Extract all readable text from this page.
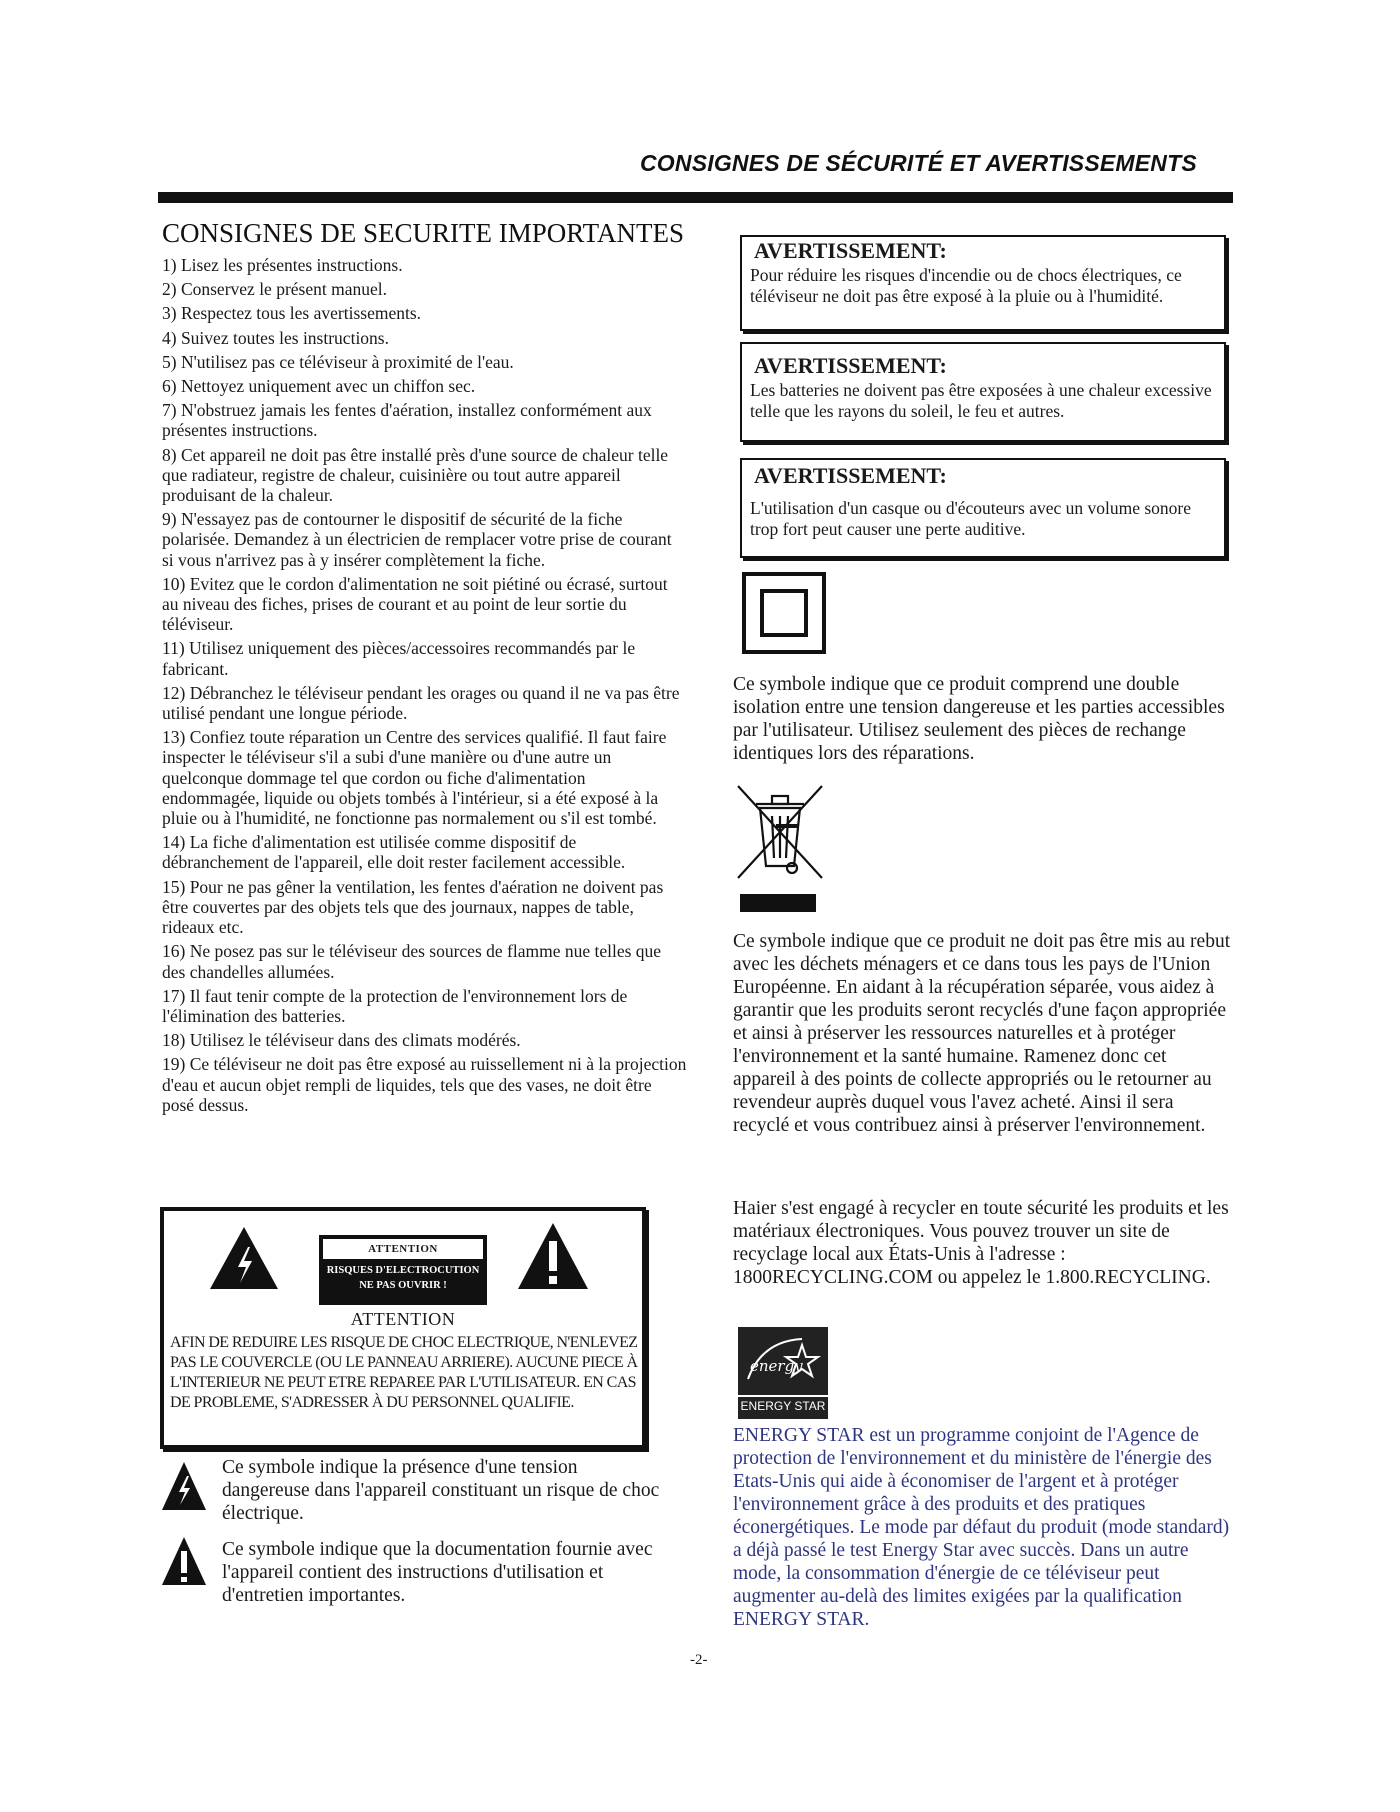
CONSIGNES DE SÉCURITÉ ET AVERTISSEMENTS
CONSIGNES DE SECURITE IMPORTANTES
1) Lisez les présentes instructions.
2) Conservez le présent manuel.
3) Respectez tous les avertissements.
4) Suivez toutes les instructions.
5) N'utilisez pas ce téléviseur à proximité de l'eau.
6) Nettoyez uniquement avec un chiffon sec.
7) N'obstruez jamais les fentes d'aération, installez conformément aux présentes instructions.
8) Cet appareil ne doit pas être installé près d'une source de chaleur telle que radiateur, registre de chaleur, cuisinière ou tout autre appareil produisant de la chaleur.
9) N'essayez pas de contourner le dispositif de sécurité de la fiche polarisée. Demandez à un électricien de remplacer votre prise de courant si vous n'arrivez pas à y insérer complètement la fiche.
10) Evitez que le cordon d'alimentation ne soit piétiné ou écrasé, surtout au niveau des fiches, prises de courant et au point de leur sortie du téléviseur.
11) Utilisez uniquement des pièces/accessoires recommandés par le fabricant.
12) Débranchez le téléviseur pendant les orages ou quand il ne va pas être utilisé pendant une longue période.
13) Confiez toute réparation un Centre des services qualifié. Il faut faire inspecter le téléviseur s'il a subi d'une manière ou d'une autre un quelconque dommage tel que cordon ou fiche d'alimentation endommagée, liquide ou objets tombés à l'intérieur, si a été exposé à la pluie ou à l'humidité, ne fonctionne pas normalement ou s'il est tombé.
14) La fiche d'alimentation est utilisée comme dispositif de débranchement de l'appareil, elle doit rester facilement accessible.
15) Pour ne pas gêner la ventilation, les fentes d'aération ne doivent pas être couvertes par des objets tels que des journaux, nappes de table, rideaux etc.
16) Ne posez pas sur le téléviseur des sources de flamme nue telles que des chandelles allumées.
17) Il faut tenir compte de la protection de l'environnement lors de l'élimination des batteries.
18) Utilisez le téléviseur dans des climats modérés.
19) Ce téléviseur ne doit pas être exposé au ruissellement ni à la projection d'eau et aucun objet rempli de liquides, tels que des vases, ne doit être posé dessus.
ATTENTION
RISQUES D'ELECTROCUTION
NE PAS OUVRIR !
ATTENTION
AFIN DE REDUIRE LES RISQUE DE CHOC ELECTRIQUE, N'ENLEVEZ PAS LE COUVERCLE (OU LE PANNEAU ARRIERE). AUCUNE PIECE À L'INTERIEUR NE PEUT ETRE REPAREE PAR L'UTILISATEUR. EN CAS DE PROBLEME, S'ADRESSER À DU PERSONNEL QUALIFIE.
Ce symbole indique la présence d'une tension dangereuse dans l'appareil constituant un risque de choc électrique.
Ce symbole indique que la documentation fournie avec l'appareil contient des instructions d'utilisation et d'entretien importantes.
AVERTISSEMENT:
Pour réduire les risques d'incendie ou de chocs électriques, ce téléviseur ne doit pas être exposé à la pluie ou à l'humidité.
AVERTISSEMENT:
Les batteries ne doivent pas être exposées à une chaleur excessive telle que les rayons du soleil, le feu et autres.
AVERTISSEMENT:
L'utilisation d'un casque ou d'écouteurs avec un volume sonore trop fort peut causer une perte auditive.
Ce symbole indique que ce produit comprend une double isolation entre une tension dangereuse et les parties accessibles par l'utilisateur. Utilisez seulement des pièces de rechange identiques lors des réparations.
Ce symbole indique que ce produit ne doit pas être mis au rebut avec les déchets ménagers et ce dans tous les pays de l'Union Européenne. En aidant à la récupération séparée, vous aidez à garantir que les produits seront recyclés d'une façon appropriée et ainsi à préserver les ressources naturelles et à protéger l'environnement et la santé humaine. Ramenez donc cet appareil à des points de collecte appropriés ou le retourner au revendeur auprès duquel vous l'avez acheté. Ainsi il sera recyclé et vous contribuez ainsi à préserver l'environnement.
Haier s'est engagé à recycler en toute sécurité les produits et les matériaux électroniques. Vous pouvez trouver un site de recyclage local aux États-Unis à l'adresse : 1800RECYCLING.COM ou appelez le 1.800.RECYCLING.
energy
ENERGY STAR
ENERGY STAR est un programme conjoint de l'Agence de protection de l'environnement et du ministère de l'énergie des Etats-Unis qui aide à économiser de l'argent et à protéger l'environnement grâce à des produits et des pratiques éconergétiques. Le mode par défaut du produit (mode standard) a déjà passé le test Energy Star avec succès. Dans un autre mode, la consommation d'énergie de ce téléviseur peut augmenter au-delà des limites exigées par la qualification ENERGY STAR.
-2-
